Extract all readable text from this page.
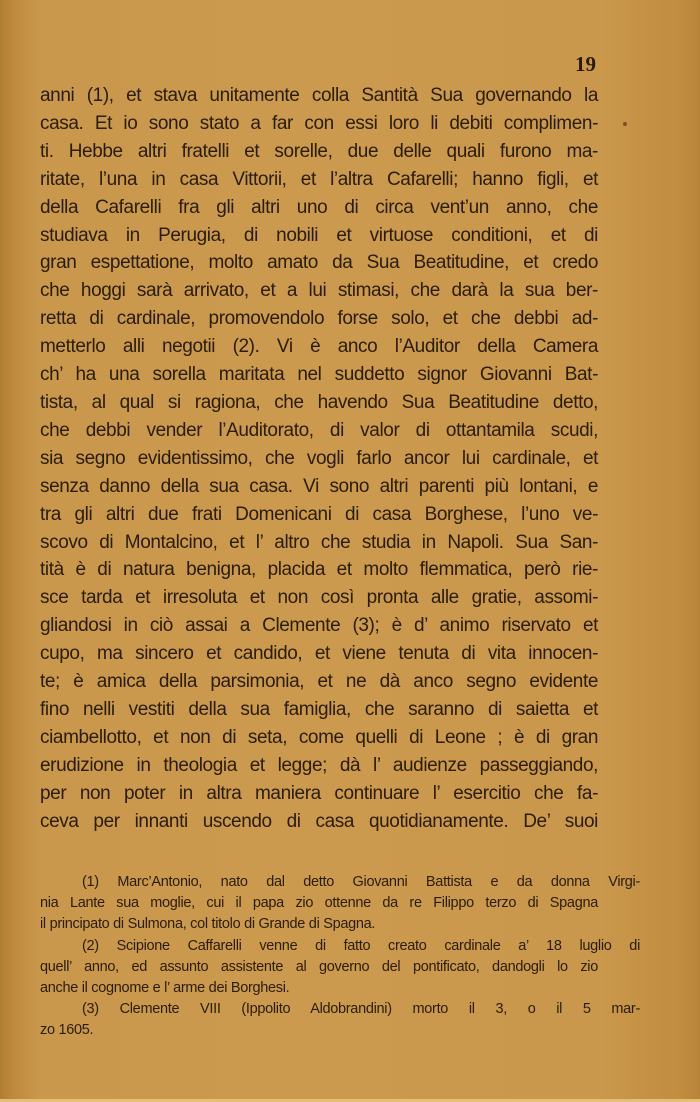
19
anni (1), et stava unitamente colla Santità Sua governando la
casa. Et io sono stato a far con essi loro li debiti complimen-
ti. Hebbe altri fratelli et sorelle, due delle quali furono ma-
ritate, l’una in casa Vittorii, et l’altra Cafarelli; hanno figli, et
della Cafarelli fra gli altri uno di circa vent’un anno, che
studiava in Perugia, di nobili et virtuose conditioni, et di
gran espettatione, molto amato da Sua Beatitudine, et credo
che hoggi sarà arrivato, et a lui stimasi, che darà la sua ber-
retta di cardinale, promovendolo forse solo, et che debbi ad-
metterlo alli negotii (2). Vi è anco l’Auditor della Camera
ch’ ha una sorella maritata nel suddetto signor Giovanni Bat-
tista, al qual si ragiona, che havendo Sua Beatitudine detto,
che debbi vender l’Auditorato, di valor di ottantamila scudi,
sia segno evidentissimo, che vogli farlo ancor lui cardinale, et
senza danno della sua casa. Vi sono altri parenti più lontani, e
tra gli altri due frati Domenicani di casa Borghese, l’uno ve-
scovo di Montalcino, et l’ altro che studia in Napoli. Sua San-
tità è di natura benigna, placida et molto flemmatica, però rie-
sce tarda et irresoluta et non così pronta alle gratie, assomi-
gliandosi in ciò assai a Clemente (3); è d’ animo riservato et
cupo, ma sincero et candido, et viene tenuta di vita innocen-
te; è amica della parsimonia, et ne dà anco segno evidente
fino nelli vestiti della sua famiglia, che saranno di saietta et
ciambellotto, et non di seta, come quelli di Leone ; è di gran
erudizione in theologia et legge; dà l’ audienze passeggiando,
per non poter in altra maniera continuare l’ esercitio che fa-
ceva per innanti uscendo di casa quotidianamente. De’ suoi
(1) Marc’Antonio, nato dal detto Giovanni Battista e da donna Virgi-
nia Lante sua moglie, cui il papa zio ottenne da re Filippo terzo di Spagna
il principato di Sulmona, col titolo di Grande di Spagna.
(2) Scipione Caffarelli venne di fatto creato cardinale a’ 18 luglio di
quell’ anno, ed assunto assistente al governo del pontificato, dandogli lo zio
anche il cognome e l’ arme dei Borghesi.
(3) Clemente VIII (Ippolito Aldobrandini) morto il 3, o il 5 mar-
zo 1605.
